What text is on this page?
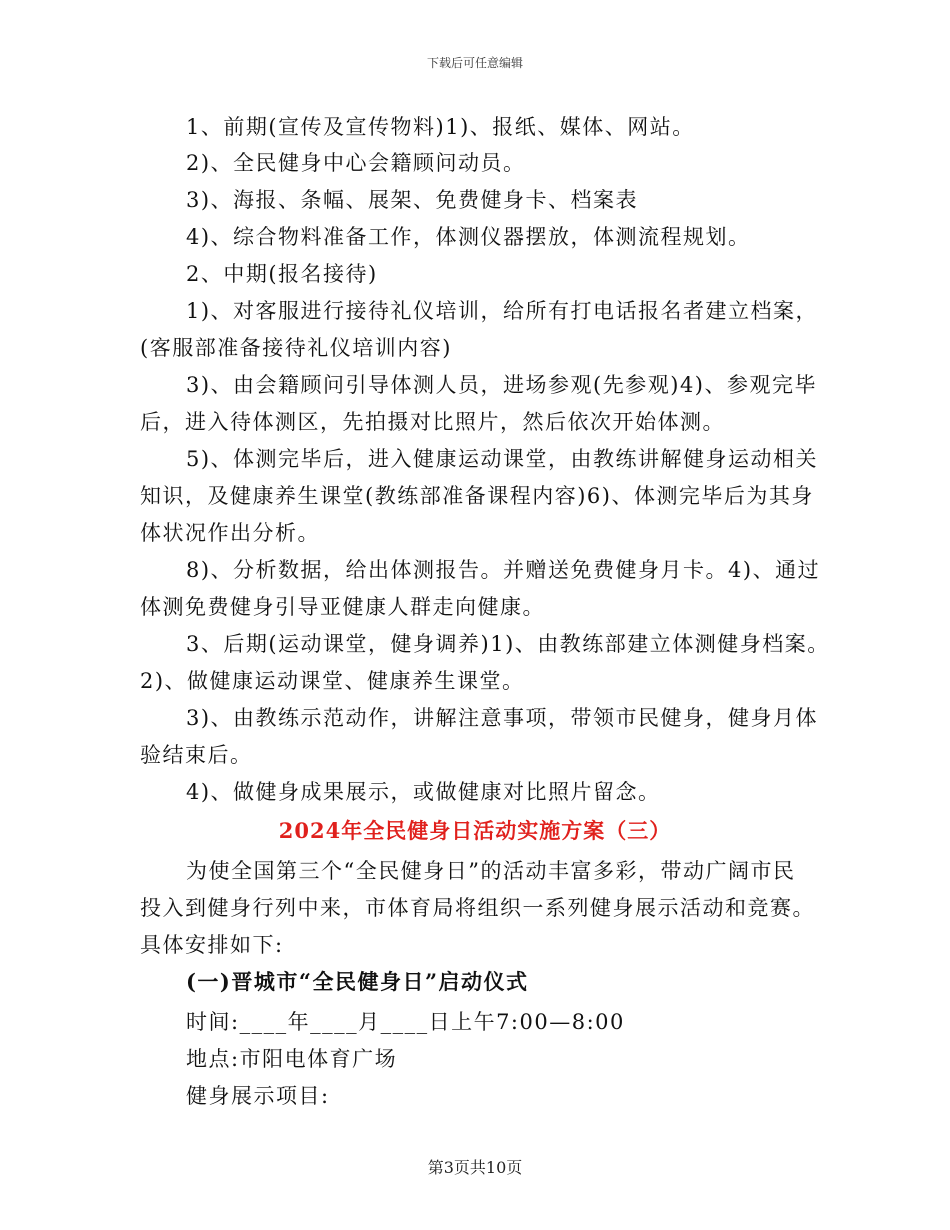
下载后可任意编辑
1、前期(宣传及宣传物料)1)、报纸、媒体、网站。
2)、全民健身中心会籍顾问动员。
3)、海报、条幅、展架、免费健身卡、档案表
4)、综合物料准备工作，体测仪器摆放，体测流程规划。
2、中期(报名接待)
1)、对客服进行接待礼仪培训，给所有打电话报名者建立档案，
(客服部准备接待礼仪培训内容)
3)、由会籍顾问引导体测人员，进场参观(先参观)4)、参观完毕
后，进入待体测区，先拍摄对比照片，然后依次开始体测。
5)、体测完毕后，进入健康运动课堂，由教练讲解健身运动相关
知识，及健康养生课堂(教练部准备课程内容)6)、体测完毕后为其身
体状况作出分析。
8)、分析数据，给出体测报告。并赠送免费健身月卡。4)、通过
体测免费健身引导亚健康人群走向健康。
3、后期(运动课堂，健身调养)1)、由教练部建立体测健身档案。
2)、做健康运动课堂、健康养生课堂。
3)、由教练示范动作，讲解注意事项，带领市民健身，健身月体
验结束后。
4)、做健身成果展示，或做健康对比照片留念。
2024年全民健身日活动实施方案（三）
为使全国第三个“全民健身日”的活动丰富多彩，带动广阔市民
投入到健身行列中来，市体育局将组织一系列健身展示活动和竞赛。
具体安排如下:
(一)晋城市“全民健身日”启动仪式
时间:____年____月____日上午7:00—8:00
地点:市阳电体育广场
健身展示项目:
第3页共10页
